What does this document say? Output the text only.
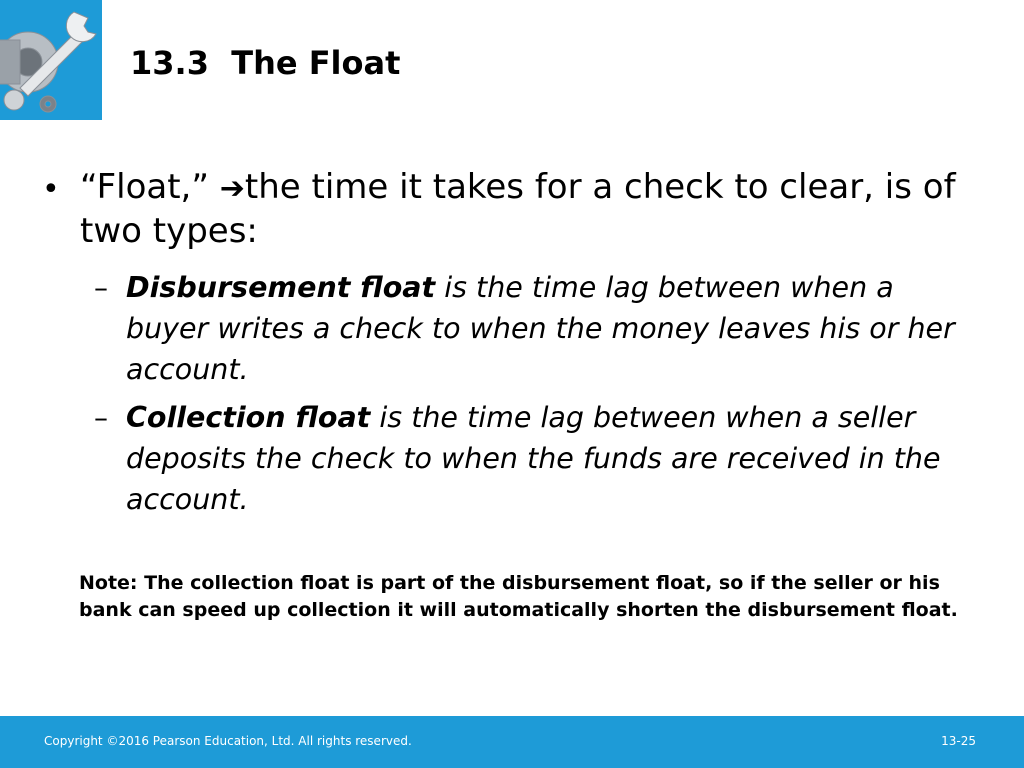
13.3  The Float
• “Float,” ➔the time it takes for a check to clear, is of two types:
– Disbursement float is the time lag between when a buyer writes a check to when the money leaves his or her account.
– Collection float is the time lag between when a seller deposits the check to when the funds are received in the account.
Note: The collection float is part of the disbursement float, so if the seller or his bank can speed up collection it will automatically shorten the disbursement float.
Copyright ©2016 Pearson Education, Ltd. All rights reserved.	13-25
